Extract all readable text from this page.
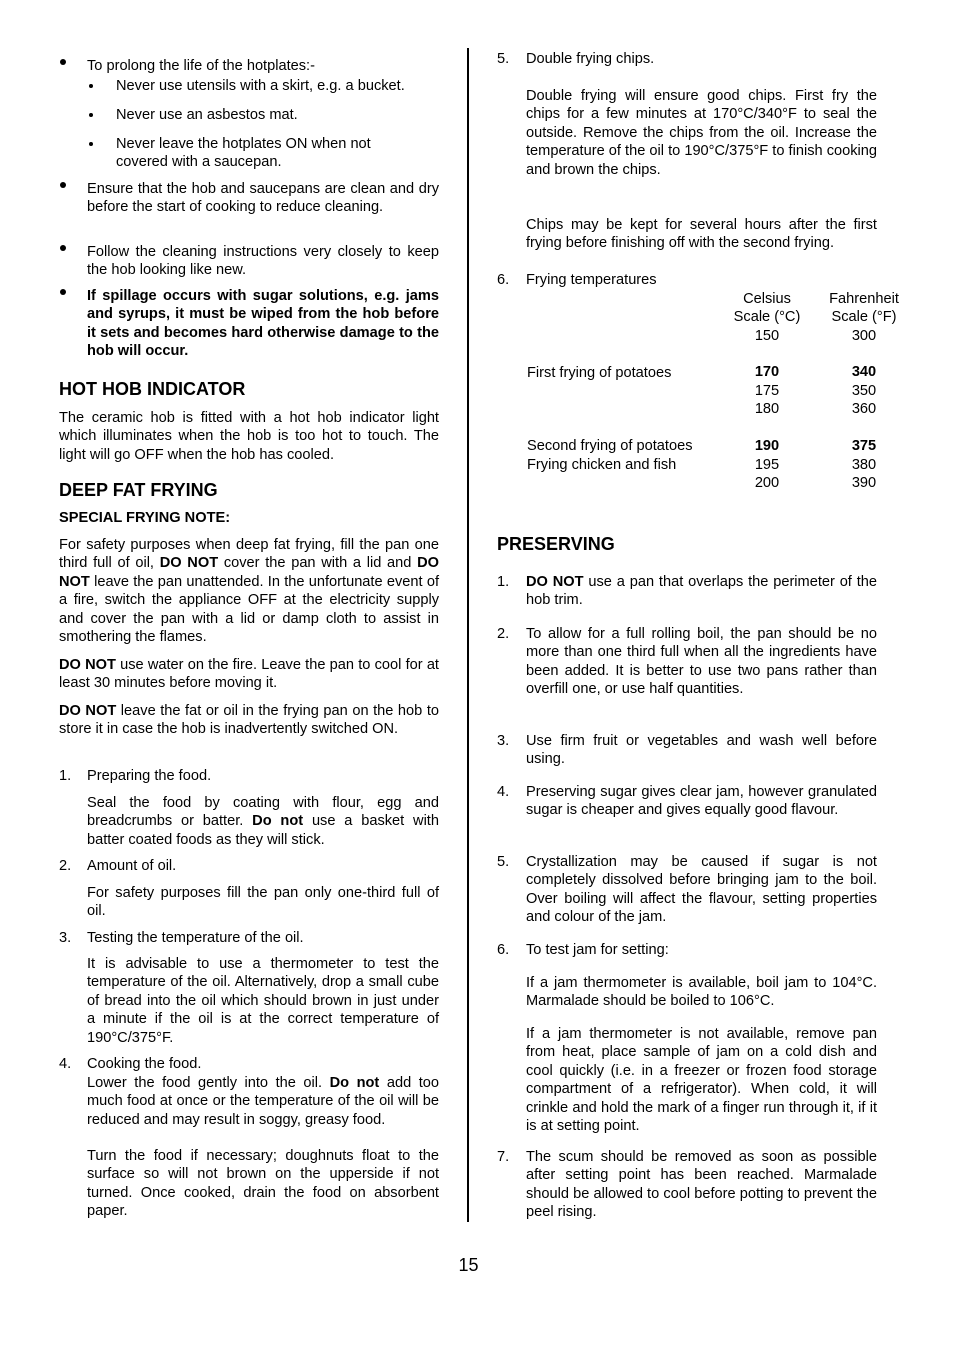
To prolong the life of the hotplates:-
Never use utensils with a skirt, e.g. a bucket.
Never use an asbestos mat.
Never leave the hotplates ON when not covered with a saucepan.
Ensure that the hob and saucepans are clean and dry before the start of cooking to reduce cleaning.
Follow the cleaning instructions very closely to keep the hob looking like new.
If spillage occurs with sugar solutions, e.g. jams and syrups, it must be wiped from the hob before it sets and becomes hard otherwise damage to the hob will occur.
HOT HOB INDICATOR
The ceramic hob is fitted with a hot hob indicator light which illuminates when the hob is too hot to touch. The light will go OFF when the hob has cooled.
DEEP FAT FRYING
SPECIAL FRYING NOTE:
For safety purposes when deep fat frying, fill the pan one third full of oil, DO NOT cover the pan with a lid and DO NOT leave the pan unattended. In the unfortunate event of a fire, switch the appliance OFF at the electricity supply and cover the pan with a lid or damp cloth to assist in smothering the flames.
DO NOT use water on the fire. Leave the pan to cool for at least 30 minutes before moving it.
DO NOT leave the fat or oil in the frying pan on the hob to store it in case the hob is inadvertently switched ON.
1. Preparing the food.
Seal the food by coating with flour, egg and breadcrumbs or batter. Do not use a basket with batter coated foods as they will stick.
2. Amount of oil.
For safety purposes fill the pan only one-third full of oil.
3. Testing the temperature of the oil.
It is advisable to use a thermometer to test the temperature of the oil. Alternatively, drop a small cube of bread into the oil which should brown in just under a minute if the oil is at the correct temperature of 190°C/375°F.
4. Cooking the food.
Lower the food gently into the oil. Do not add too much food at once or the temperature of the oil will be reduced and may result in soggy, greasy food.
Turn the food if necessary; doughnuts float to the surface so will not brown on the upperside if not turned. Once cooked, drain the food on absorbent paper.
5. Double frying chips.
Double frying will ensure good chips. First fry the chips for a few minutes at 170°C/340°F to seal the outside. Remove the chips from the oil. Increase the temperature of the oil to 190°C/375°F to finish cooking and brown the chips.
Chips may be kept for several hours after the first frying before finishing off with the second frying.
6. Frying temperatures
Celsius
Scale (°C)
Fahrenheit
Scale (°F)
150	300
First frying of potatoes	170	340
175	350
180	360
Second frying of potatoes	190	375
Frying chicken and fish	195	380
200	390
PRESERVING
1. DO NOT use a pan that overlaps the perimeter of the hob trim.
2. To allow for a full rolling boil, the pan should be no more than one third full when all the ingredients have been added. It is better to use two pans rather than overfill one, or use half quantities.
3. Use firm fruit or vegetables and wash well before using.
4. Preserving sugar gives clear jam, however granulated sugar is cheaper and gives equally good flavour.
5. Crystallization may be caused if sugar is not completely dissolved before bringing jam to the boil. Over boiling will affect the flavour, setting properties and colour of the jam.
6. To test jam for setting:
If a jam thermometer is available, boil jam to 104°C. Marmalade should be boiled to 106°C.
If a jam thermometer is not available, remove pan from heat, place sample of jam on a cold dish and cool quickly (i.e. in a freezer or frozen food storage compartment of a refrigerator). When cold, it will crinkle and hold the mark of a finger run through it, if it is at setting point.
7. The scum should be removed as soon as possible after setting point has been reached. Marmalade should be allowed to cool before potting to prevent the peel rising.
15
